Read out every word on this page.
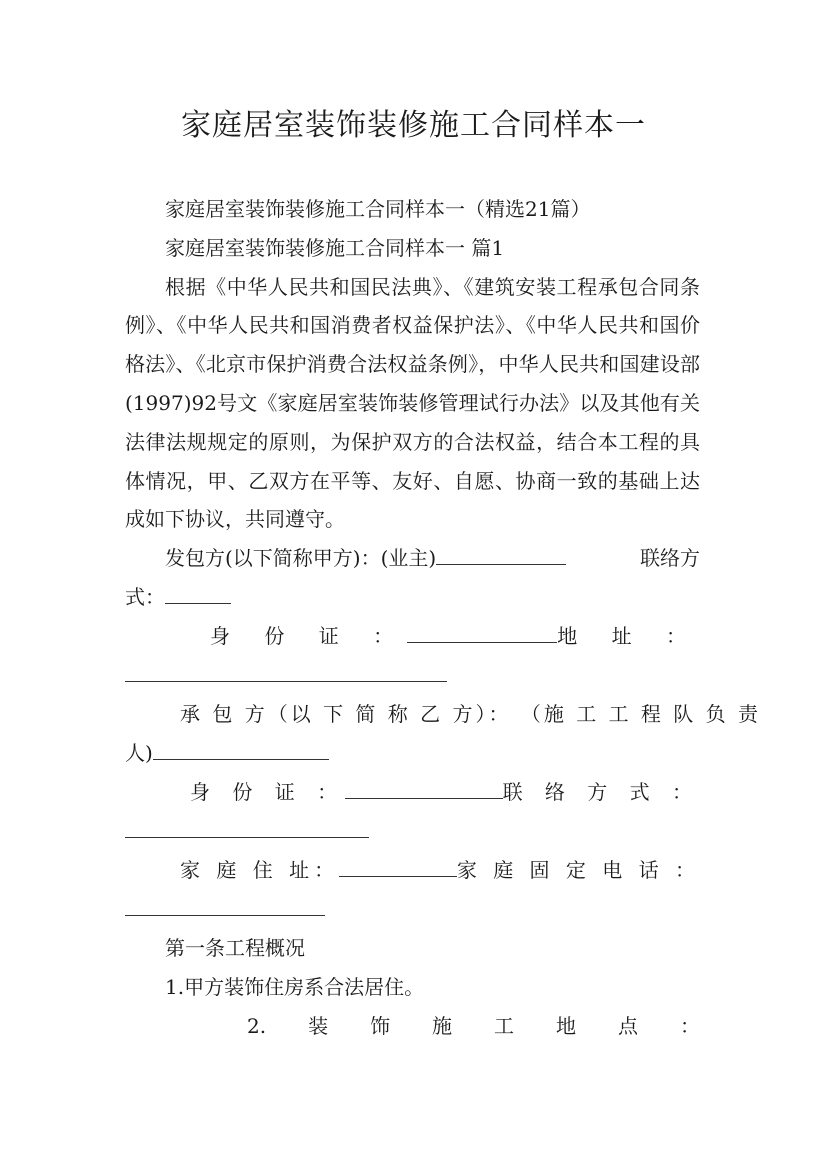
家庭居室装饰装修施工合同样本一

家庭居室装饰装修施工合同样本一（精选21篇）

家庭居室装饰装修施工合同样本一 篇1

根据《中华人民共和国民法典》、《建筑安装工程承包合同条例》、《中华人民共和国消费者权益保护法》、《中华人民共和国价格法》、《北京市保护消费合法权益条例》，中华人民共和国建设部(1997)92号文《家庭居室装饰装修管理试行办法》以及其他有关法律法规规定的原则，为保护双方的合法权益，结合本工程的具体情况，甲、乙双方在平等、友好、自愿、协商一致的基础上达成如下协议，共同遵守。

发包方(以下简称甲方)：(业主)	联络方

式：

身 份 证 ：	地 址 ：

承 包 方（以 下 简 称 乙 方）： （施 工 工 程 队 负 责

人)

身 份 证 ：	联 络 方 式 ：

家 庭 住 址：	家 庭 固 定 电 话 ：

第一条工程概况

1.甲方装饰住房系合法居住。

2. 装 饰 施 工 地 点 ：
